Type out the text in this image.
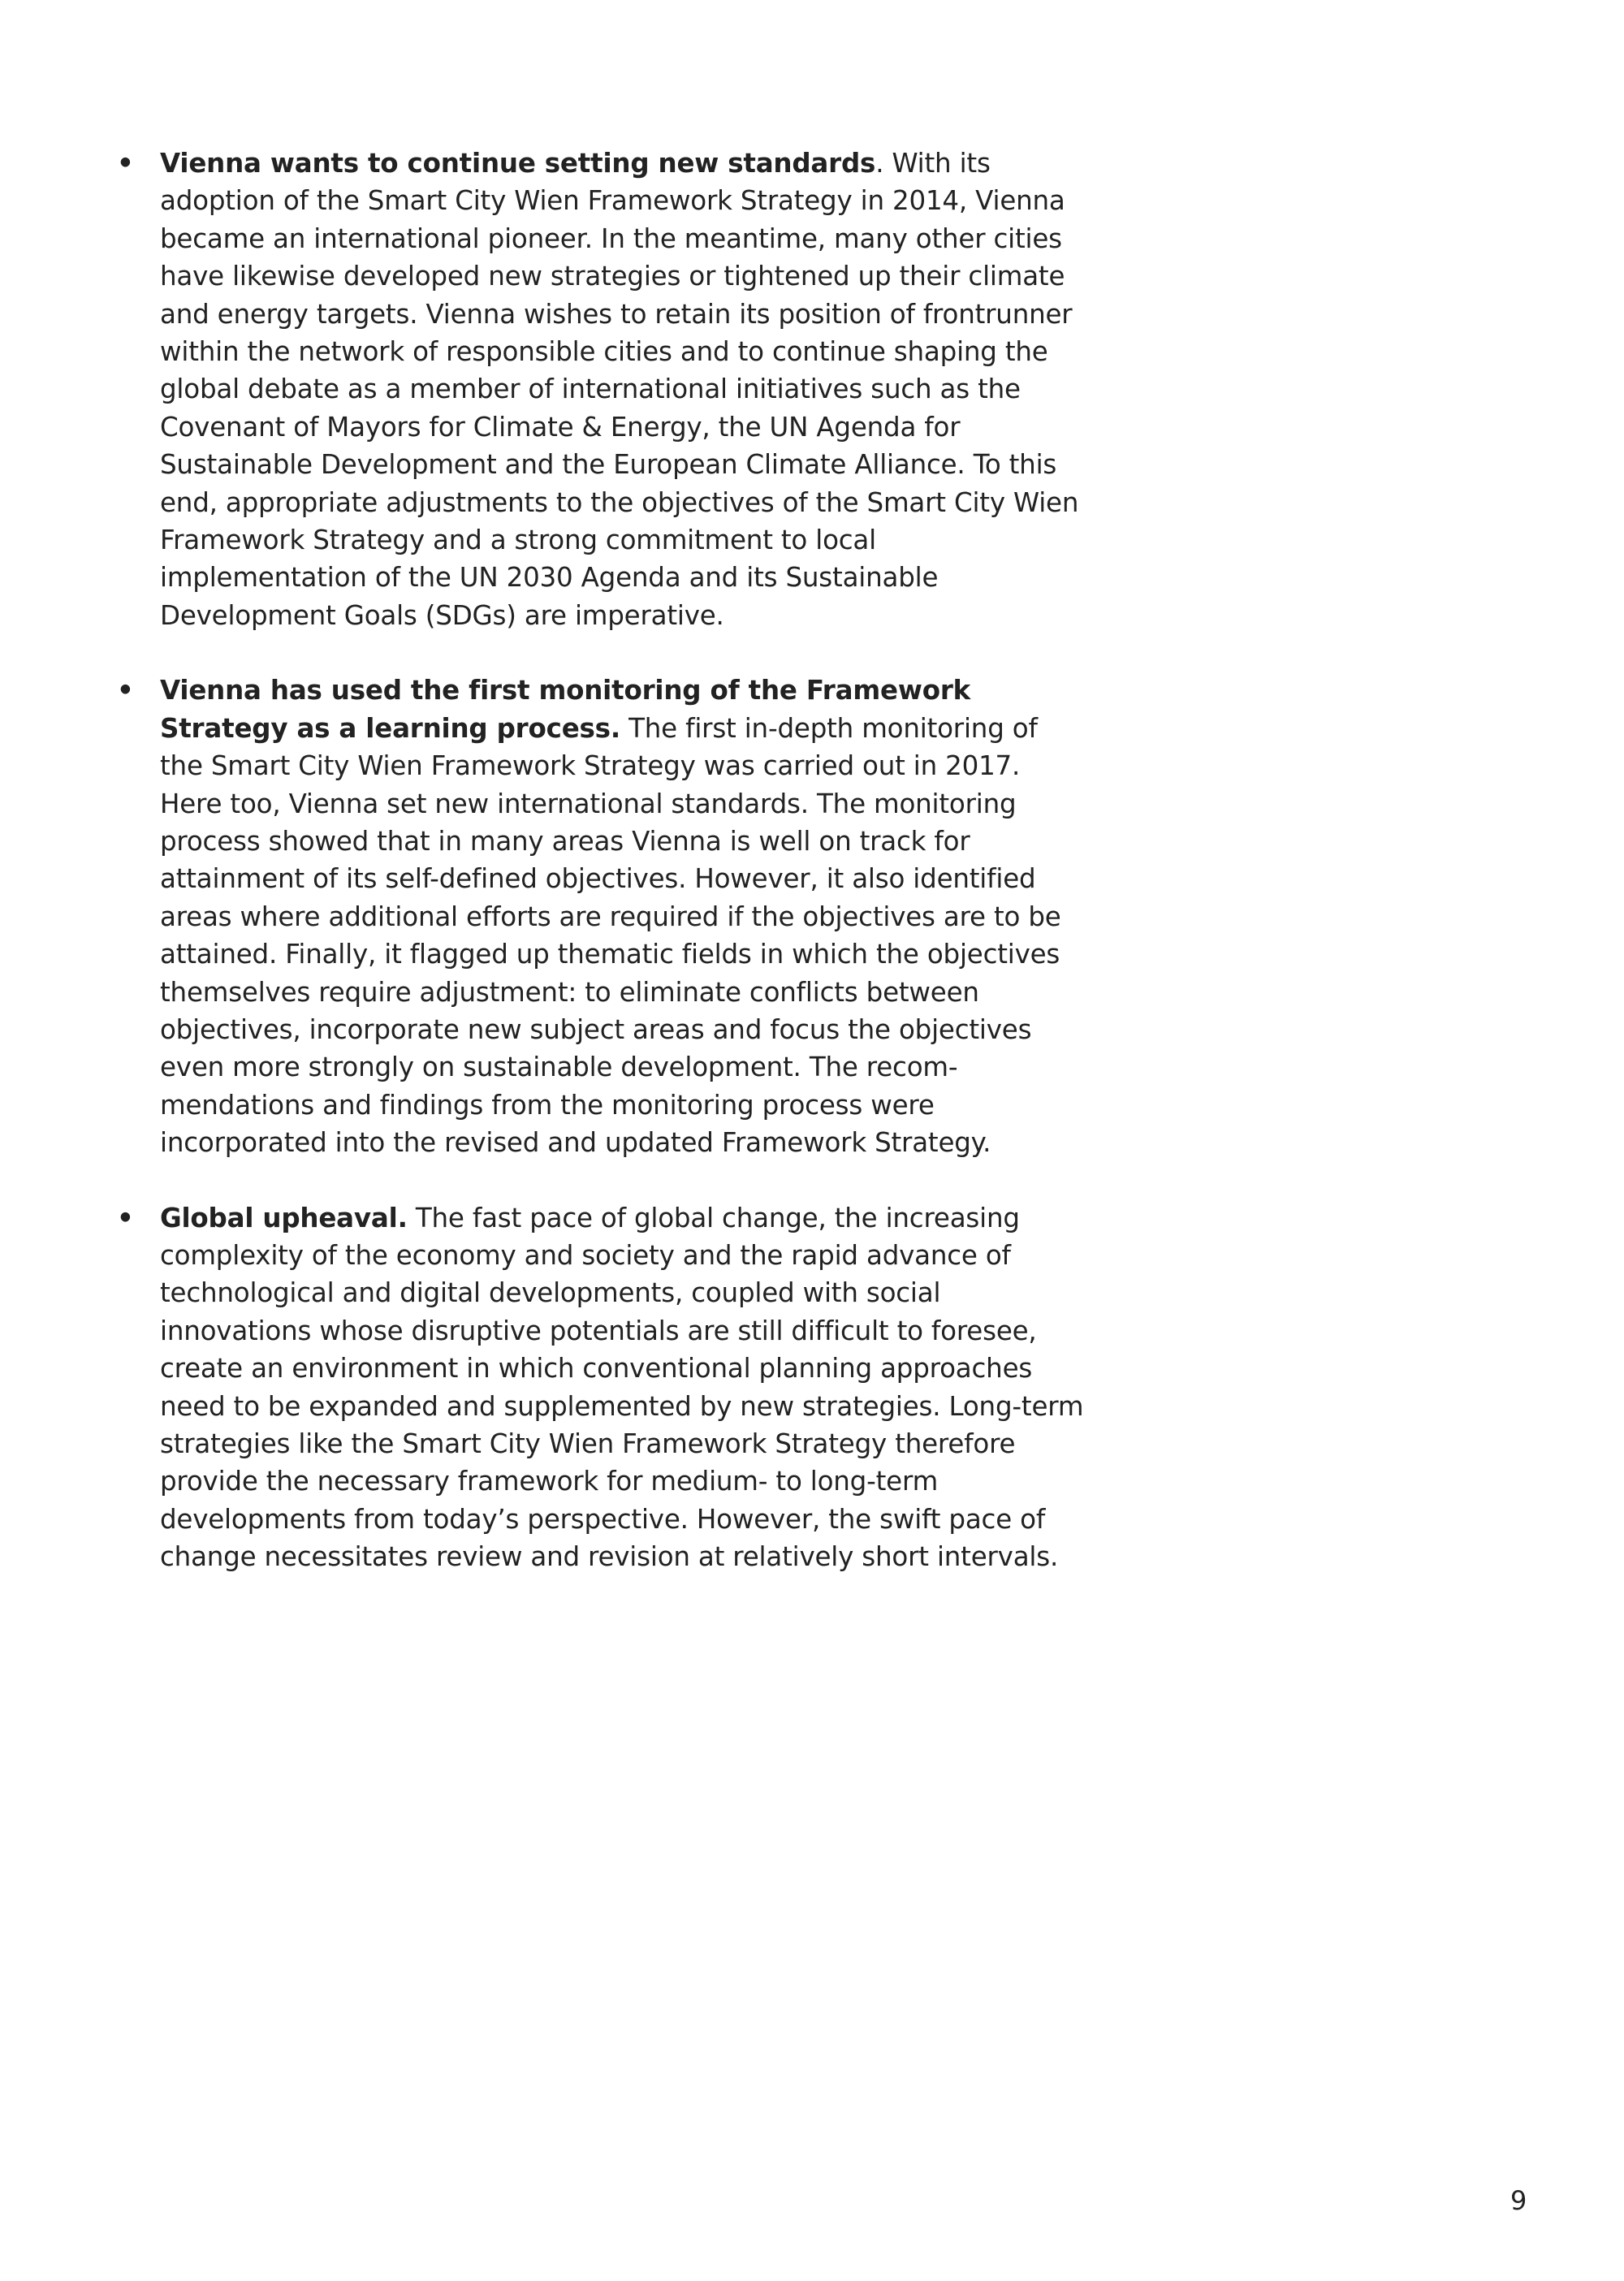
• Vienna wants to continue setting new standards. With its adoption of the Smart City Wien Framework Strategy in 2014, Vienna became an international pioneer. In the meantime, many other cities have likewise developed new strategies or tightened up their climate and energy targets. Vienna wishes to retain its position of frontrunner within the network of responsible cities and to continue shaping the global debate as a member of international initiatives such as the Covenant of Mayors for Climate & Energy, the UN Agenda for Sustainable Development and the European Climate Alliance. To this end, appropriate adjustments to the objectives of the Smart City Wien Framework Strategy and a strong commitment to local implementation of the UN 2030 Agenda and its Sustainable Development Goals (SDGs) are imperative.
• Vienna has used the first monitoring of the Framework Strategy as a learning process. The first in-depth monitoring of the Smart City Wien Framework Strategy was carried out in 2017. Here too, Vienna set new international standards. The monitoring process showed that in many areas Vienna is well on track for attainment of its self-defined objectives. However, it also identified areas where additional efforts are required if the objectives are to be attained. Finally, it flagged up thematic fields in which the objectives themselves require adjustment: to eliminate conflicts between objectives, incorporate new subject areas and focus the objectives even more strongly on sustainable development. The recommendations and findings from the monitoring process were incorporated into the revised and updated Framework Strategy.
• Global upheaval. The fast pace of global change, the increasing complexity of the economy and society and the rapid advance of technological and digital developments, coupled with social innovations whose disruptive potentials are still difficult to foresee, create an environment in which conventional planning approaches need to be expanded and supplemented by new strategies. Long-term strategies like the Smart City Wien Framework Strategy therefore provide the necessary framework for medium- to long-term developments from today’s perspective. However, the swift pace of change necessitates review and revision at relatively short intervals.
9
